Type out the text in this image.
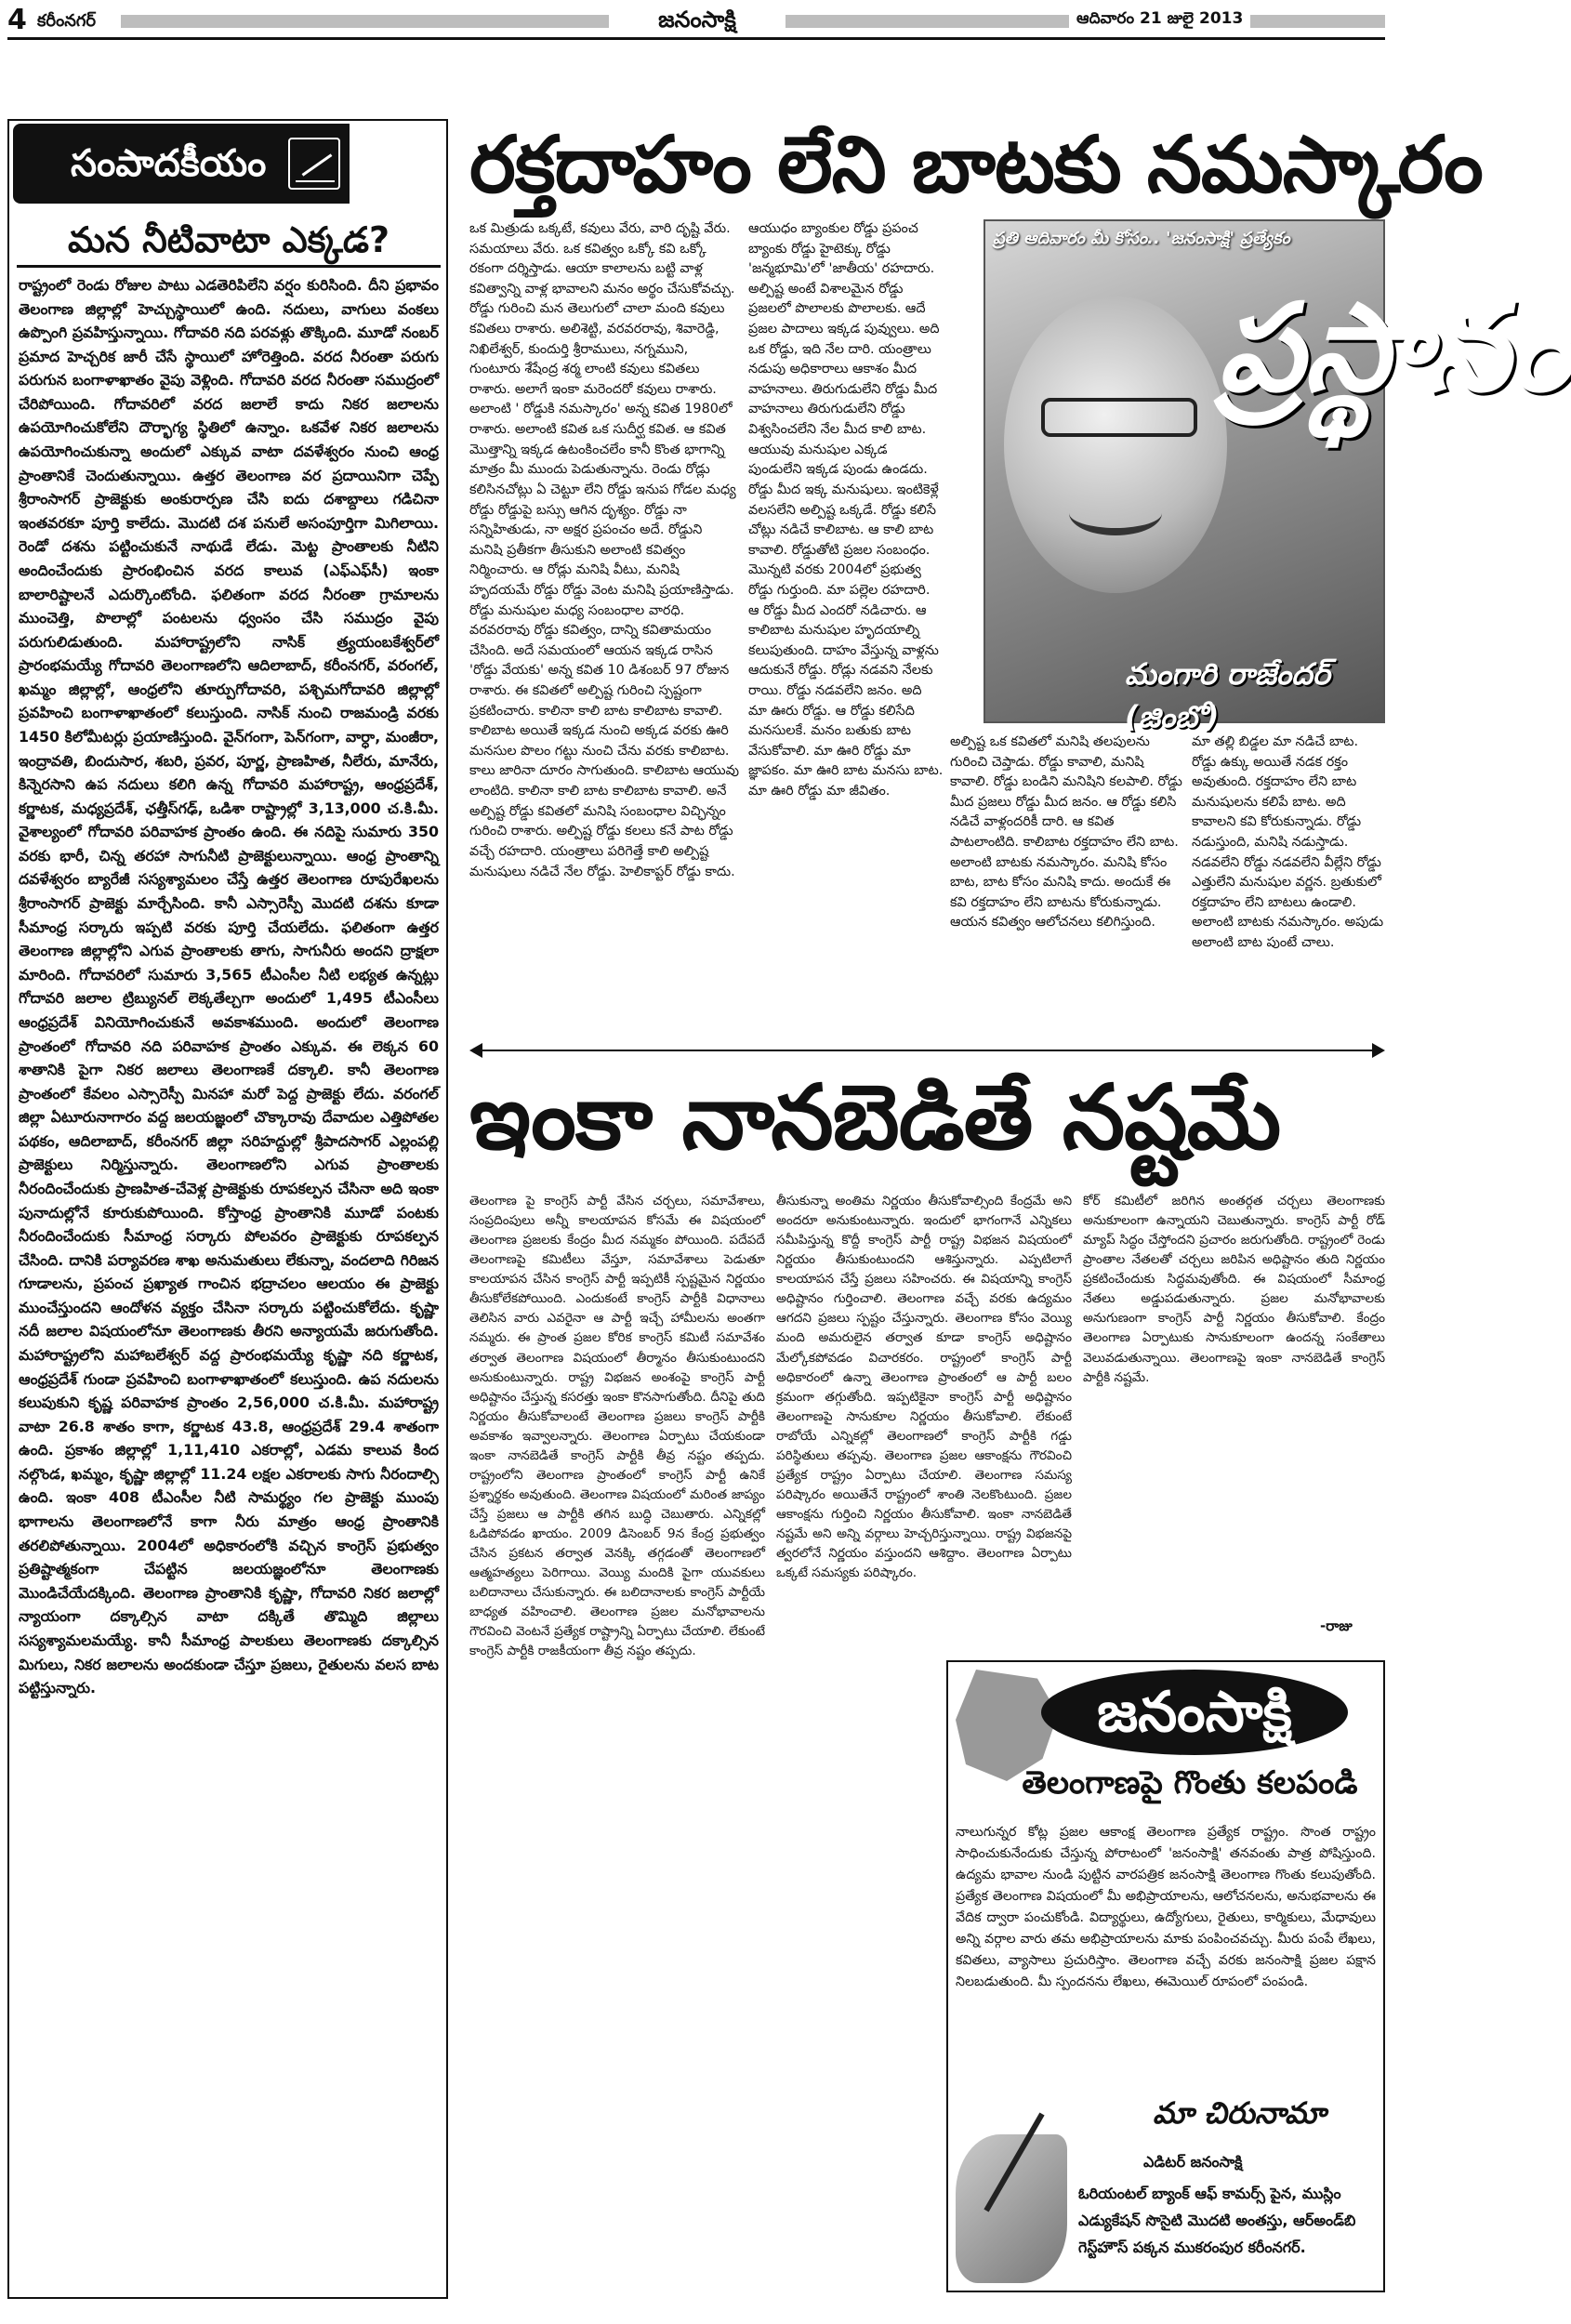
4 కరీంనగర్	జనంసాక్షి	ఆదివారం 21 జులై 2013
సంపాదకీయం
మన నీటివాటా ఎక్కడ?

రాష్ట్రంలో రెండు రోజుల పాటు ఎడతెరిపిలేని వర్షం కురిసింది. దీని ప్రభావం తెలంగాణ జిల్లాల్లో హెచ్చుస్థాయిలో ఉంది. నదులు, వాగులు వంకలు ఉప్పొంగి ప్రవహిస్తున్నాయి. గోదావరి నది పరవళ్లు తొక్కింది. మూడో నంబర్ ప్రమాద హెచ్చరిక జారీ చేసే స్థాయిలో హోరెత్తింది. వరద నీరంతా పరుగు పరుగున బంగాళాఖాతం వైపు వెళ్లింది. గోదావరి వరద నీరంతా సముద్రంలో చేరిపోయింది. గోదావరిలో వరద జలాలే కాదు నికర జలాలను ఉపయోగించుకోలేని దౌర్భాగ్య స్థితిలో ఉన్నాం. ఒకవేళ నికర జలాలను ఉపయోగించుకున్నా అందులో ఎక్కువ వాటా దవళేశ్వరం నుంచి ఆంధ్ర ప్రాంతానికే చెందుతున్నాయి. ఉత్తర తెలంగాణ వర ప్రదాయినిగా చెప్పే శ్రీరాంసాగర్ ప్రాజెక్టుకు అంకురార్పణ చేసి ఐదు దశాబ్దాలు గడిచినా ఇంతవరకూ పూర్తి కాలేదు. మొదటి దశ పనులే అసంపూర్తిగా మిగిలాయి. రెండో దశను పట్టించుకునే నాథుడే లేడు. మెట్ట ప్రాంతాలకు నీటిని అందించేందుకు ప్రారంభించిన వరద కాలువ (ఎఫ్‌ఎఫ్‌సీ) ఇంకా బాలారిష్టాలనే ఎదుర్కొంటోంది. ఫలితంగా వరద నీరంతా గ్రామాలను ముంచెత్తి, పొలాల్లో పంటలను ధ్వంసం చేసి సముద్రం వైపు పరుగులిడుతుంది. మహారాష్ట్రలోని నాసిక్ త్ర్యయంబకేశ్వర్‌లో ప్రారంభమయ్యే గోదావరి తెలంగాణలోని ఆదిలాబాద్, కరీంనగర్, వరంగల్, ఖమ్మం జిల్లాల్లో, ఆంధ్రలోని తూర్పుగోదావరి, పశ్చిమగోదావరి జిల్లాల్లో ప్రవహించి బంగాళాఖాతంలో కలుస్తుంది. నాసిక్ నుంచి రాజమండ్రి వరకు 1450 కిలోమీటర్లు ప్రయాణిస్తుంది. వైన్‌గంగా, పెన్‌గంగా, వార్ధా, మంజీరా, ఇంద్రావతి, బిందుసార, శబరి, ప్రవర, పూర్ణ, ప్రాణహిత, నీలేరు, మానేరు, కిన్నెరసాని ఉప నదులు కలిగి ఉన్న గోదావరి మహారాష్ట్ర, ఆంధ్రప్రదేశ్, కర్ణాటక, మధ్యప్రదేశ్, ఛత్తీస్‌గఢ్, ఒడిశా రాష్ట్రాల్లో 3,13,000 చ.కి.మీ. వైశాల్యంలో గోదావరి పరివాహక ప్రాంతం ఉంది. ఈ నదిపై సుమారు 350 వరకు భారీ, చిన్న తరహా సాగునీటి ప్రాజెక్టులున్నాయి. ఆంధ్ర ప్రాంతాన్ని దవళేశ్వరం బ్యారేజీ సస్యశ్యామలం చేస్తే ఉత్తర తెలంగాణ రూపురేఖలను శ్రీరాంసాగర్ ప్రాజెక్టు మార్చేసింది. కానీ ఎస్సారెస్పీ మొదటి దశను కూడా సీమాంధ్ర సర్కారు ఇప్పటి వరకు పూర్తి చేయలేదు. ఫలితంగా ఉత్తర తెలంగాణ జిల్లాల్లోని ఎగువ ప్రాంతాలకు తాగు, సాగునీరు అందని ద్రాక్షలా మారింది. గోదావరిలో సుమారు 3,565 టీఎంసీల నీటి లభ్యత ఉన్నట్లు గోదావరి జలాల ట్రిబ్యునల్ లెక్కతేల్చగా అందులో 1,495 టీఎంసీలు ఆంధ్రప్రదేశ్ వినియోగించుకునే అవకాశముంది. అందులో తెలంగాణ ప్రాంతంలో గోదావరి నది పరివాహక ప్రాంతం ఎక్కువ. ఈ లెక్కన 60 శాతానికి పైగా నికర జలాలు తెలంగాణకే దక్కాలి. కానీ తెలంగాణ ప్రాంతంలో కేవలం ఎస్సారెస్పీ మినహా మరో పెద్ద ప్రాజెక్టు లేదు. వరంగల్ జిల్లా ఏటూరునాగారం వద్ద జలయజ్ఞంలో చొక్కారావు దేవాదుల ఎత్తిపోతల పథకం, ఆదిలాబాద్, కరీంనగర్ జిల్లా సరిహద్దుల్లో శ్రీపాదసాగర్ ఎల్లంపల్లి ప్రాజెక్టులు నిర్మిస్తున్నారు. తెలంగాణలోని ఎగువ ప్రాంతాలకు నీరందించేందుకు ప్రాణహిత-చేవెళ్ల ప్రాజెక్టుకు రూపకల్పన చేసినా అది ఇంకా పునాదుల్లోనే కూరుకుపోయింది. కోస్తాంధ్ర ప్రాంతానికి మూడో పంటకు నీరందించేందుకు సీమాంధ్ర సర్కారు పోలవరం ప్రాజెక్టుకు రూపకల్పన చేసింది. దానికి పర్యావరణ శాఖ అనుమతులు లేకున్నా, వందలాది గిరిజన గూడాలను, ప్రపంచ ప్రఖ్యాత గాంచిన భద్రాచలం ఆలయం ఈ ప్రాజెక్టు ముంచేస్తుందని ఆందోళన వ్యక్తం చేసినా సర్కారు పట్టించుకోలేదు. కృష్ణా నదీ జలాల విషయంలోనూ తెలంగాణకు తీరని అన్యాయమే జరుగుతోంది. మహారాష్ట్రలోని మహాబలేశ్వర్ వద్ద ప్రారంభమయ్యే కృష్ణా నది కర్ణాటక, ఆంధ్రప్రదేశ్ గుండా ప్రవహించి బంగాళాఖాతంలో కలుస్తుంది. ఉప నదులను కలుపుకుని కృష్ణ పరివాహక ప్రాంతం 2,56,000 చ.కి.మీ. మహారాష్ట్ర వాటా 26.8 శాతం కాగా, కర్ణాటక 43.8, ఆంధ్రప్రదేశ్ 29.4 శాతంగా ఉంది. ప్రకాశం జిల్లాల్లో 1,11,410 ఎకరాల్లో, ఎడమ కాలువ కింద నల్గొండ, ఖమ్మం, కృష్ణా జిల్లాల్లో 11.24 లక్షల ఎకరాలకు సాగు నీరందాల్సి ఉంది. ఇంకా 408 టీఎంసీల నీటి సామర్థ్యం గల ప్రాజెక్టు ముంపు భాగాలను తెలంగాణలోనే కాగా నీరు మాత్రం ఆంధ్ర ప్రాంతానికి తరలిపోతున్నాయి. 2004లో అధికారంలోకి వచ్చిన కాంగ్రెస్ ప్రభుత్వం ప్రతిష్టాత్మకంగా చేపట్టిన జలయజ్ఞంలోనూ తెలంగాణకు మొండిచేయేదక్కింది. తెలంగాణ ప్రాంతానికి కృష్ణా, గోదావరి నికర జలాల్లో న్యాయంగా దక్కాల్సిన వాటా దక్కితే తొమ్మిది జిల్లాలు సస్యశ్యామలమయ్యే. కానీ సీమాంధ్ర పాలకులు తెలంగాణకు దక్కాల్సిన మిగులు, నికర జలాలను అందకుండా చేస్తూ ప్రజలు, రైతులను వలస బాట పట్టిస్తున్నారు.

రక్తదాహం లేని బాటకు నమస్కారం

ఒక మిత్రుడు ఒక్కటే, కవులు వేరు, వారి దృష్టి వేరు. సమయాలు వేరు. ఒక కవిత్వం ఒక్కో కవి ఒక్కో రకంగా దర్శిస్తాడు. ఆయా కాలాలను బట్టి వాళ్ల కవిత్వాన్ని వాళ్ల భావాలని మనం అర్థం చేసుకోవచ్చు. రోడ్డు గురించి మన తెలుగులో చాలా మంది కవులు కవితలు రాశారు. అలిశెట్టి, వరవరరావు, శివారెడ్డి, నిఖిలేశ్వర్, కుందుర్తి శ్రీరాములు, నగ్నముని, గుంటూరు శేషేంద్ర శర్మ లాంటి కవులు కవితలు రాశారు. అలాగే ఇంకా మరెందరో కవులు రాశారు. అలాంటి ' రోడ్డుకి నమస్కారం' అన్న కవిత 1980లో రాశారు. అలాంటి కవిత ఒక సుదీర్ఘ కవిత. ఆ కవిత మొత్తాన్ని ఇక్కడ ఉటంకించలేం కానీ కొంత భాగాన్ని మాత్రం మీ ముందు పెడుతున్నాను. రెండు రోడ్లు కలిసినచోట్లు ఏ చెట్టూ లేని రోడ్డు ఇనుప గోడల మధ్య రోడ్డు రోడ్డుపై బస్సు ఆగిన దృశ్యం. రోడ్డు నా సన్నిహితుడు, నా అక్షర ప్రపంచం అదే. రోడ్డుని మనిషి ప్రతీకగా తీసుకుని అలాంటి కవిత్వం నిర్మించారు. ఆ రోడ్లు మనిషి వీటు, మనిషి హృదయమే రోడ్డు రోడ్డు వెంట మనిషి ప్రయాణిస్తాడు. రోడ్డు మనుషుల మధ్య సంబంధాల వారధి. వరవరరావు రోడ్డు కవిత్వం, దాన్ని కవితామయం చేసింది. అదే సమయంలో ఆయన ఇక్కడ రాసిన 'రోడ్డు వేయకు' అన్న కవిత 10 డిశంబర్ 97 రోజున రాశారు. ఈ కవితలో అల్పిష్ట గురించి స్పష్టంగా ప్రకటించారు. కాలినా కాలి బాట కాలిబాట కావాలి. కాలిబాట అయితే ఇక్కడ నుంచి అక్కడ వరకు ఊరి మనసుల పొలం గట్టు నుంచి చేను వరకు కాలిబాట. కాలు జారినా దూరం సాగుతుంది. కాలిబాట ఆయువు లాంటిది. కాలినా కాలి బాట కాలిబాట కావాలి. అనే అల్పిష్ట రోడ్డు కవితలో మనిషి సంబంధాల విచ్ఛిన్నం గురించి రాశారు. అల్పిష్ట రోడ్డు కలలు కనే పాట రోడ్డు వచ్చే రహదారి. యంత్రాలు పరిగెత్తే కాలి అల్పిష్ట మనుషులు నడిచే నేల రోడ్డు. హెలికాప్టర్ రోడ్డు కాదు.

ఆయుధం బ్యాంకుల రోడ్డు ప్రపంచ బ్యాంకు రోడ్డు హైటెక్కు రోడ్డు 'జన్మభూమి'లో 'జాతీయ' రహదారు. అల్పిష్ట అంటే విశాలమైన రోడ్డు ప్రజలలో పొలాలకు పొలాలకు. ఆదే ప్రజల పాదాలు ఇక్కడ పువ్వులు. అది ఒక రోడ్డు, ఇది నేల దారి. యంత్రాలు నడుపు అధికారాలు ఆకాశం మీద వాహనాలు. తిరుగుడులేని రోడ్డు మీద వాహనాలు తిరుగుడులేని రోడ్డు విశ్వసించలేని నేల మీద కాలి బాట. ఆయువు మనుషుల ఎక్కడ పుండులేని ఇక్కడ పుండు ఉండదు. రోడ్డు మీద ఇక్క మనుషులు. ఇంటికెళ్లే వలసలేని అల్పిష్ట ఒక్కడే. రోడ్డు కలిసే చోట్లు నడిచే కాలిబాట. ఆ కాలి బాట కావాలి. రోడ్డుతోటి ప్రజల సంబంధం. మొన్నటి వరకు 2004లో ప్రభుత్వ రోడ్డు గుర్తుంది. మా పల్లెల రహదారి. ఆ రోడ్డు మీద ఎందరో నడిచారు. ఆ కాలిబాట మనుషుల హృదయాల్ని కలుపుతుంది. దాహం వేస్తున్న వాళ్లను ఆదుకునే రోడ్డు. రోడ్లు నడవని నేలకు రాయి. రోడ్డు నడవలేని జనం. అది మా ఊరు రోడ్డు. ఆ రోడ్డు కలిసేది మనసులకే. మనం బతుకు బాట వేసుకోవాలి. మా ఊరి రోడ్డు మా జ్ఞాపకం. మా ఊరి బాట మనసు బాట. మా ఊరి రోడ్డు మా జీవితం.

ప్రతి ఆదివారం మీ కోసం.. 'జనంసాక్షి' ప్రత్యేకం
ప్రస్థానం
మంగారి రాజేందర్ (జింబో)

అల్పిష్ట ఒక కవితలో మనిషి తలపులను గురించి చెప్తాడు. రోడ్డు కావాలి, మనిషి కావాలి. రోడ్డు బండిని మనిషిని కలపాలి. రోడ్డు మీద ప్రజలు రోడ్డు మీద జనం. ఆ రోడ్డు కలిసి నడిచే వాళ్లందరికీ దారి. ఆ కవిత పాటలాంటిది. కాలిబాట రక్తదాహం లేని బాట. అలాంటి బాటకు నమస్కారం. మనిషి కోసం బాట, బాట కోసం మనిషి కాదు. అందుకే ఈ కవి రక్తదాహం లేని బాటను కోరుకున్నాడు. ఆయన కవిత్వం ఆలోచనలు కలిగిస్తుంది.

మా తల్లి బిడ్డల మా నడిచే బాట. రోడ్డు ఉక్కు అయితే నడక రక్తం అవుతుంది. రక్తదాహం లేని బాట మనుషులను కలిపే బాట. అది కావాలని కవి కోరుకున్నాడు. రోడ్డు నడుస్తుంది, మనిషి నడుస్తాడు. నడవలేని రోడ్డు నడవలేని వీల్లేని రోడ్డు ఎత్తులేని మనుషుల వర్ణన. బ్రతుకులో రక్తదాహం లేని బాటలు ఉండాలి. అలాంటి బాటకు నమస్కారం. అపుడు అలాంటి బాట పుంటే చాలు.

ఇంకా నానబెడితే నష్టమే

తెలంగాణ పై కాంగ్రెస్ పార్టీ వేసిన చర్చలు, సమావేశాలు, సంప్రదింపులు అన్నీ కాలయాపన కోసమే ఈ విషయంలో తెలంగాణ ప్రజలకు కేంద్రం మీద నమ్మకం పోయింది. పదేపదే తెలంగాణపై కమిటీలు వేస్తూ, సమావేశాలు పెడుతూ కాలయాపన చేసిన కాంగ్రెస్ పార్టీ ఇప్పటికీ స్పష్టమైన నిర్ణయం తీసుకోలేకపోయింది. ఎందుకంటే కాంగ్రెస్ పార్టీకి విధానాలు తెలిసిన వారు ఎవరైనా ఆ పార్టీ ఇచ్చే హామీలను అంతగా నమ్మరు. ఈ ప్రాంత ప్రజల కోరిక కాంగ్రెస్ కమిటీ సమావేశం తర్వాత తెలంగాణ విషయంలో తీర్మానం తీసుకుంటుందని అనుకుంటున్నారు. రాష్ట్ర విభజన అంశంపై కాంగ్రెస్ పార్టీ అధిష్టానం చేస్తున్న కసరత్తు ఇంకా కొనసాగుతోంది. దీనిపై తుది నిర్ణయం తీసుకోవాలంటే తెలంగాణ ప్రజలు కాంగ్రెస్ పార్టీకి అవకాశం ఇవ్వాలన్నారు. తెలంగాణ ఏర్పాటు చేయకుండా ఇంకా నానబెడితే కాంగ్రెస్ పార్టీకి తీవ్ర నష్టం తప్పదు. రాష్ట్రంలోని తెలంగాణ ప్రాంతంలో కాంగ్రెస్ పార్టీ ఉనికే ప్రశ్నార్థకం అవుతుంది. తెలంగాణ విషయంలో మరింత జాప్యం చేస్తే ప్రజలు ఆ పార్టీకి తగిన బుద్ధి చెబుతారు. ఎన్నికల్లో ఓడిపోవడం ఖాయం. 2009 డిసెంబర్ 9న కేంద్ర ప్రభుత్వం చేసిన ప్రకటన తర్వాత వెనక్కి తగ్గడంతో తెలంగాణలో ఆత్మహత్యలు పెరిగాయి. వెయ్యి మందికి పైగా యువకులు బలిదానాలు చేసుకున్నారు. ఈ బలిదానాలకు కాంగ్రెస్ పార్టీయే బాధ్యత వహించాలి. తెలంగాణ ప్రజల మనోభావాలను గౌరవించి వెంటనే ప్రత్యేక రాష్ట్రాన్ని ఏర్పాటు చేయాలి. లేకుంటే కాంగ్రెస్ పార్టీకి రాజకీయంగా తీవ్ర నష్టం తప్పదు.

తీసుకున్నా అంతిమ నిర్ణయం తీసుకోవాల్సింది కేంద్రమే అని అందరూ అనుకుంటున్నారు. ఇందులో భాగంగానే ఎన్నికలు సమీపిస్తున్న కొద్దీ కాంగ్రెస్ పార్టీ రాష్ట్ర విభజన విషయంలో నిర్ణయం తీసుకుంటుందని ఆశిస్తున్నారు. ఎప్పటిలాగే కాలయాపన చేస్తే ప్రజలు సహించరు. ఈ విషయాన్ని కాంగ్రెస్ అధిష్టానం గుర్తించాలి. తెలంగాణ వచ్చే వరకు ఉద్యమం ఆగదని ప్రజలు స్పష్టం చేస్తున్నారు. తెలంగాణ కోసం వెయ్యి మంది అమరులైన తర్వాత కూడా కాంగ్రెస్ అధిష్టానం మేల్కోకపోవడం విచారకరం. రాష్ట్రంలో కాంగ్రెస్ పార్టీ అధికారంలో ఉన్నా తెలంగాణ ప్రాంతంలో ఆ పార్టీ బలం క్రమంగా తగ్గుతోంది. ఇప్పటికైనా కాంగ్రెస్ పార్టీ అధిష్టానం తెలంగాణపై సానుకూల నిర్ణయం తీసుకోవాలి. లేకుంటే రాబోయే ఎన్నికల్లో తెలంగాణలో కాంగ్రెస్ పార్టీకి గడ్డు పరిస్థితులు తప్పవు. తెలంగాణ ప్రజల ఆకాంక్షను గౌరవించి ప్రత్యేక రాష్ట్రం ఏర్పాటు చేయాలి. తెలంగాణ సమస్య పరిష్కారం అయితేనే రాష్ట్రంలో శాంతి నెలకొంటుంది. ప్రజల ఆకాంక్షను గుర్తించి నిర్ణయం తీసుకోవాలి. ఇంకా నానబెడితే నష్టమే అని అన్ని వర్గాలు హెచ్చరిస్తున్నాయి. రాష్ట్ర విభజనపై త్వరలోనే నిర్ణయం వస్తుందని ఆశిద్దాం. తెలంగాణ ఏర్పాటు ఒక్కటే సమస్యకు పరిష్కారం.

కోర్ కమిటీలో జరిగిన అంతర్గత చర్చలు తెలంగాణకు అనుకూలంగా ఉన్నాయని చెబుతున్నారు. కాంగ్రెస్ పార్టీ రోడ్ మ్యాప్ సిద్ధం చేస్తోందని ప్రచారం జరుగుతోంది. రాష్ట్రంలో రెండు ప్రాంతాల నేతలతో చర్చలు జరిపిన అధిష్టానం తుది నిర్ణయం ప్రకటించేందుకు సిద్ధమవుతోంది. ఈ విషయంలో సీమాంధ్ర నేతలు అడ్డుపడుతున్నారు. ప్రజల మనోభావాలకు అనుగుణంగా కాంగ్రెస్ పార్టీ నిర్ణయం తీసుకోవాలి. కేంద్రం తెలంగాణ ఏర్పాటుకు సానుకూలంగా ఉందన్న సంకేతాలు వెలువడుతున్నాయి. తెలంగాణపై ఇంకా నానబెడితే కాంగ్రెస్ పార్టీకి నష్టమే.

-రాజు
జనంసాక్షి
తెలంగాణపై గొంతు కలపండి

నాలుగున్నర కోట్ల ప్రజల ఆకాంక్ష తెలంగాణ ప్రత్యేక రాష్ట్రం. సొంత రాష్ట్రం సాధించుకునేందుకు చేస్తున్న పోరాటంలో 'జనంసాక్షి' తనవంతు పాత్ర పోషిస్తుంది. ఉద్యమ భావాల నుండి పుట్టిన వారపత్రిక జనంసాక్షి తెలంగాణ గొంతు కలుపుతోంది. ప్రత్యేక తెలంగాణ విషయంలో మీ అభిప్రాయాలను, ఆలోచనలను, అనుభవాలను ఈ వేదిక ద్వారా పంచుకోండి. విద్యార్థులు, ఉద్యోగులు, రైతులు, కార్మికులు, మేధావులు అన్ని వర్గాల వారు తమ అభిప్రాయాలను మాకు పంపించవచ్చు. మీరు పంపే లేఖలు, కవితలు, వ్యాసాలు ప్రచురిస్తాం. తెలంగాణ వచ్చే వరకు జనంసాక్షి ప్రజల పక్షాన నిలబడుతుంది. మీ స్పందనను లేఖలు, ఈమెయిల్ రూపంలో పంపండి.

మా చిరునామా
ఎడిటర్ జనంసాక్షి

ఓరియంటల్ బ్యాంక్ ఆఫ్ కామర్స్ పైన, ముస్లిం ఎడ్యుకేషన్ సొసైటి మొదటి అంతస్తు, ఆర్‌అండ్‌బి గెస్ట్‌హౌస్ పక్కన ముకరంపుర కరీంనగర్.
